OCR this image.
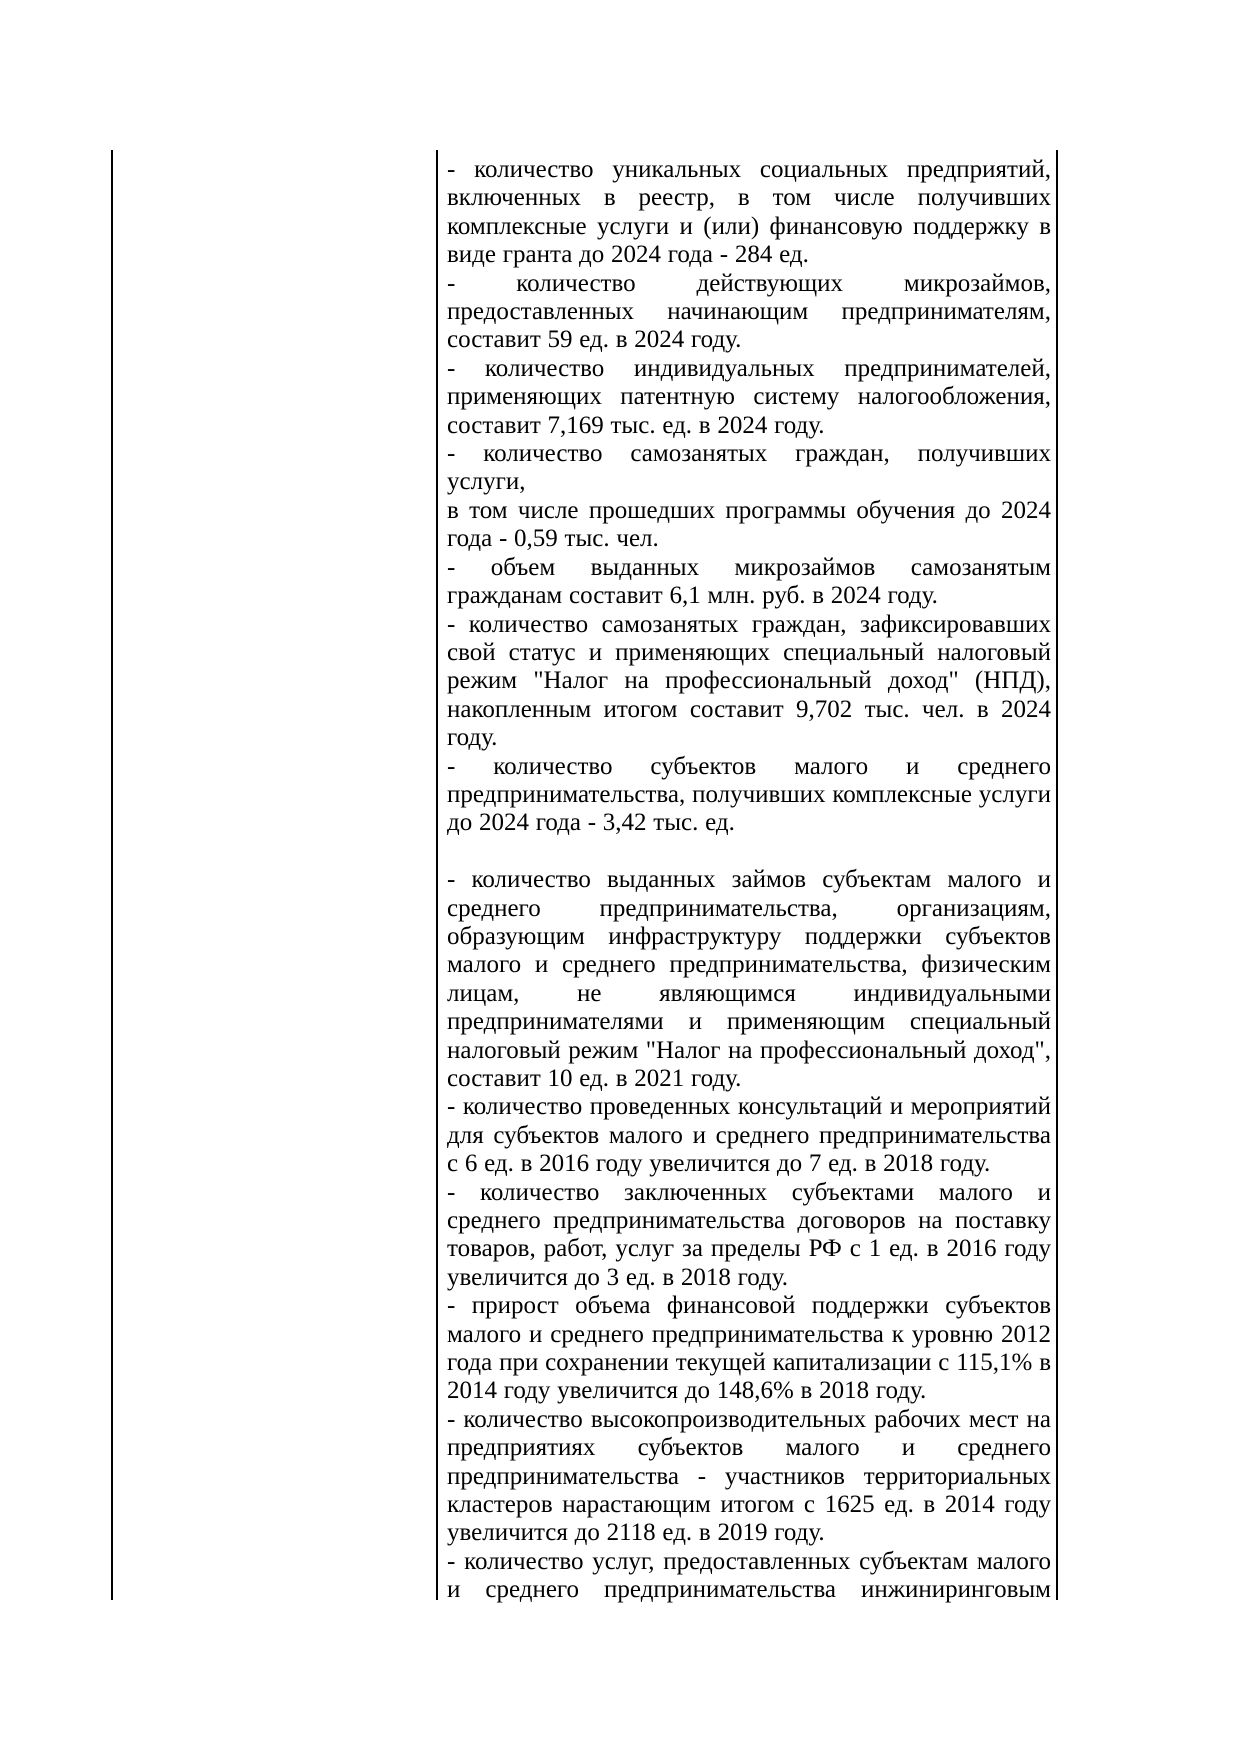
- количество уникальных социальных предприятий,
включенных в реестр, в том числе получивших
комплексные услуги и (или) финансовую поддержку в
виде гранта до 2024 года - 284 ед.
- количество действующих микрозаймов,
предоставленных начинающим предпринимателям,
составит 59 ед. в 2024 году.
- количество индивидуальных предпринимателей,
применяющих патентную систему налогообложения,
составит 7,169 тыс. ед. в 2024 году.
- количество самозанятых граждан, получивших услуги,
в том числе прошедших программы обучения до 2024
года - 0,59 тыс. чел.
- объем выданных микрозаймов самозанятым
гражданам составит 6,1 млн. руб. в 2024 году.
- количество самозанятых граждан, зафиксировавших
свой статус и применяющих специальный налоговый
режим "Налог на профессиональный доход" (НПД),
накопленным итогом составит 9,702 тыс. чел. в 2024
году.
- количество субъектов малого и среднего
предпринимательства, получивших комплексные услуги
до 2024 года - 3,42 тыс. ед.
- количество выданных займов субъектам малого и
среднего предпринимательства, организациям,
образующим инфраструктуру поддержки субъектов
малого и среднего предпринимательства, физическим
лицам, не являющимся индивидуальными
предпринимателями и применяющим специальный
налоговый режим "Налог на профессиональный доход",
составит 10 ед. в 2021 году.
- количество проведенных консультаций и мероприятий
для субъектов малого и среднего предпринимательства
с 6 ед. в 2016 году увеличится до 7 ед. в 2018 году.
- количество заключенных субъектами малого и
среднего предпринимательства договоров на поставку
товаров, работ, услуг за пределы РФ с 1 ед. в 2016 году
увеличится до 3 ед. в 2018 году.
- прирост объема финансовой поддержки субъектов
малого и среднего предпринимательства к уровню 2012
года при сохранении текущей капитализации с 115,1% в
2014 году увеличится до 148,6% в 2018 году.
- количество высокопроизводительных рабочих мест на
предприятиях субъектов малого и среднего
предпринимательства - участников территориальных
кластеров нарастающим итогом с 1625 ед. в 2014 году
увеличится до 2118 ед. в 2019 году.
- количество услуг, предоставленных субъектам малого
и среднего предпринимательства инжиниринговым
